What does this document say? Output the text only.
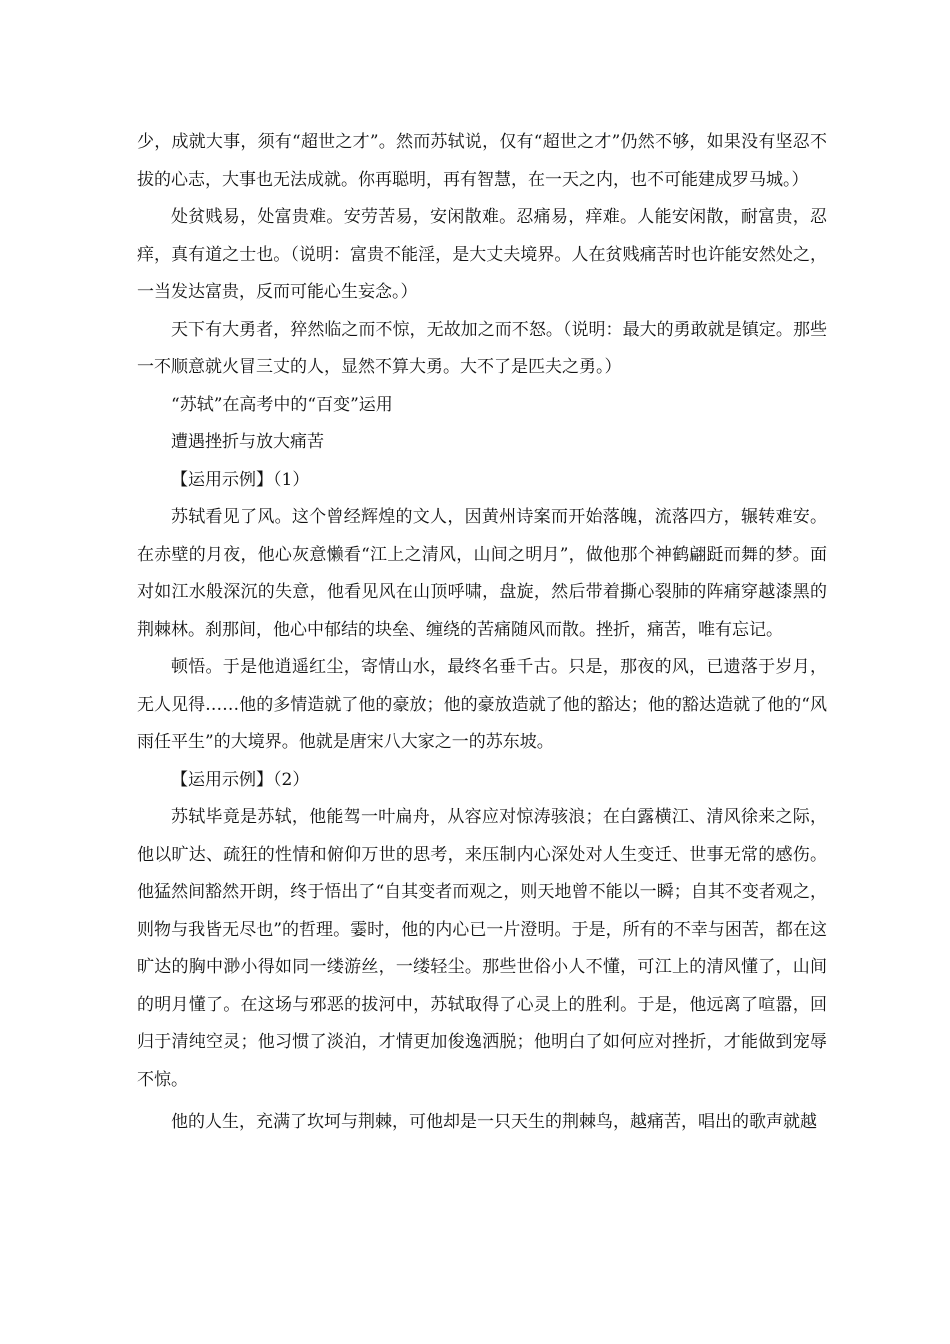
少，成就大事，须有“超世之才”。然而苏轼说，仅有“超世之才”仍然不够，如果没有坚忍不拔的心志，大事也无法成就。你再聪明，再有智慧，在一天之内，也不可能建成罗马城。）

处贫贱易，处富贵难。安劳苦易，安闲散难。忍痛易，痒难。人能安闲散，耐富贵，忍痒，真有道之士也。（说明：富贵不能淫，是大丈夫境界。人在贫贱痛苦时也许能安然处之，一当发达富贵，反而可能心生妄念。）

天下有大勇者，猝然临之而不惊，无故加之而不怒。（说明：最大的勇敢就是镇定。那些一不顺意就火冒三丈的人，显然不算大勇。大不了是匹夫之勇。）

“苏轼”在高考中的“百变”运用

遭遇挫折与放大痛苦

【运用示例】（1）

苏轼看见了风。这个曾经辉煌的文人，因黄州诗案而开始落魄，流落四方，辗转难安。在赤壁的月夜，他心灰意懒看“江上之清风，山间之明月”，做他那个神鹤翩跹而舞的梦。面对如江水般深沉的失意，他看见风在山顶呼啸，盘旋，然后带着撕心裂肺的阵痛穿越漆黑的荆棘林。刹那间，他心中郁结的块垒、缠绕的苦痛随风而散。挫折，痛苦，唯有忘记。

顿悟。于是他逍遥红尘，寄情山水，最终名垂千古。只是，那夜的风，已遗落于岁月，无人见得……他的多情造就了他的豪放；他的豪放造就了他的豁达；他的豁达造就了他的“风雨任平生”的大境界。他就是唐宋八大家之一的苏东坡。

【运用示例】（2）

苏轼毕竟是苏轼，他能驾一叶扁舟，从容应对惊涛骇浪；在白露横江、清风徐来之际，他以旷达、疏狂的性情和俯仰万世的思考，来压制内心深处对人生变迁、世事无常的感伤。他猛然间豁然开朗，终于悟出了“自其变者而观之，则天地曾不能以一瞬；自其不变者观之，则物与我皆无尽也”的哲理。霎时，他的内心已一片澄明。于是，所有的不幸与困苦，都在这旷达的胸中渺小得如同一缕游丝，一缕轻尘。那些世俗小人不懂，可江上的清风懂了，山间的明月懂了。在这场与邪恶的拔河中，苏轼取得了心灵上的胜利。于是，他远离了喧嚣，回归于清纯空灵；他习惯了淡泊，才情更加俊逸洒脱；他明白了如何应对挫折，才能做到宠辱不惊。

他的人生，充满了坎坷与荆棘，可他却是一只天生的荆棘鸟，越痛苦，唱出的歌声就越
